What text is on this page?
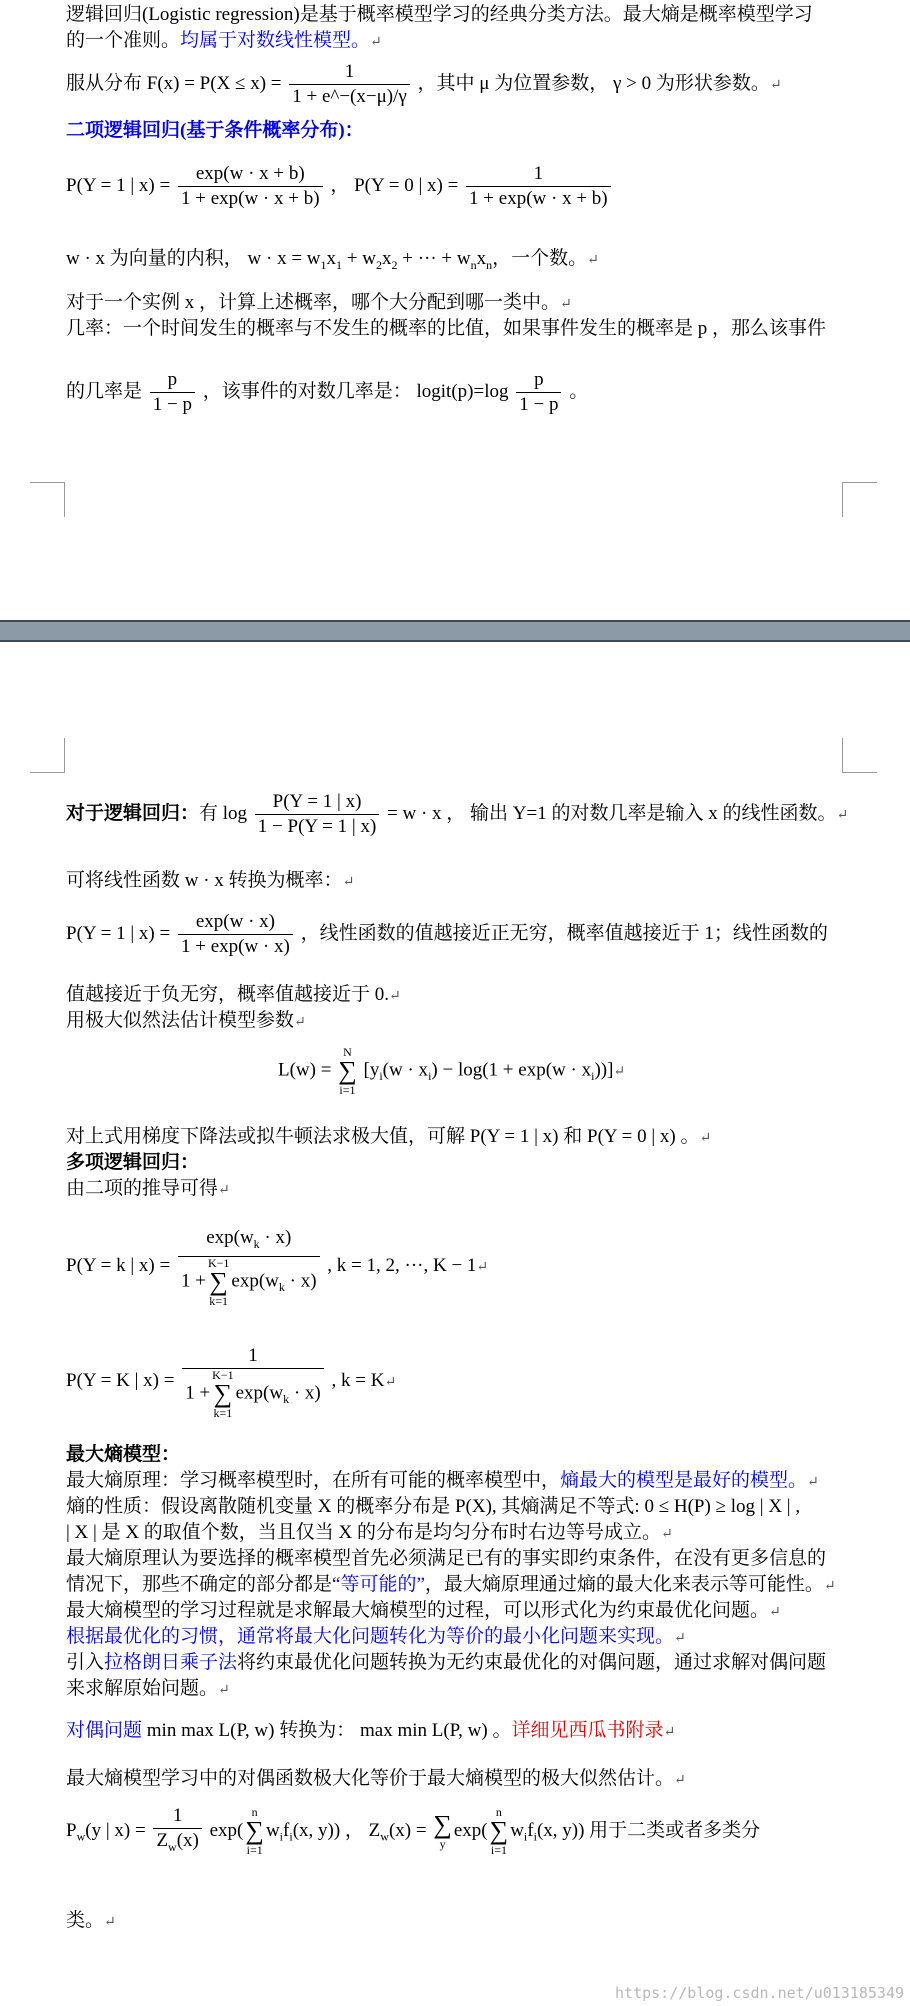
逻辑回归(Logistic regression)是基于概率模型学习的经典分类方法。最大熵是概率模型学习
的一个准则。均属于对数线性模型。↵
服从分布 $F(x) = P(X \le x) = \frac{1}{1 + e\^{}-(x-\mu)/\gamma}$ ，其中 μ 为位置参数， γ > 0 为形状参数。↵
二项逻辑回归(基于条件概率分布)：
P(Y = 1 | $x) = \frac{\exp(w \cdot x + b)}{1 + \exp(w \cdot x + b)}$ ， P(Y = 0 | $x) = \frac{1}{1 + \exp(w \cdot x + b)}$
w · x 为向量的内积， $w \cdot x = w_1x_1 + w_2x_2$ + ··· + $w_nx_n$，一个数。↵
对于一个实例 x ，计算上述概率，哪个大分配到哪一类中。↵
几率：一个时间发生的概率与不发生的概率的比值，如果事件发生的概率是 p ，那么该事件
的几率是 $\frac{p}{1 - p}$ ，该事件的对数几率是： logit(p)=log $\frac{p}{1 - p}$ 。
对于逻辑回归：有 $\log \frac{P(Y = 1 | x)}{1 - P(Y = 1 | x)} = w \cdot x$ ， 输出 Y=1 的对数几率是输入 x 的线性函数。↵
可将线性函数 w · x 转换为概率：↵
P(Y = 1 | $x) = \frac{\exp(w \cdot x)}{1 + \exp(w \cdot x)}$ ，线性函数的值越接近正无穷，概率值越接近于 1；线性函数的
值越接近于负无穷，概率值越接近于 0.↵
用极大似然法估计模型参数↵
L(w) =
N
∑
i=1
[$y_i(w \cdot x_i) - \log(1 + \exp(w$ · $x_i))]↵$
对上式用梯度下降法或拟牛顿法求极大值，可解 P(Y = 1 | x) 和 P(Y = 0 | x) 。↵
多项逻辑回归：
由二项的推导可得↵
P(Y = k | $x) = \exp(w_k \cdot x)$
1 +
K−1
∑
k=1
$\exp(w_k \cdot x)$ , k = 1, 2, ···, K − 1↵
P(Y = K | x) = 1
1 +
K−1
∑
k=1
$\exp(w_k \cdot x)$ , k = K↵
最大熵模型：
最大熵原理：学习概率模型时，在所有可能的概率模型中，熵最大的模型是最好的模型。↵
熵的性质：假设离散随机变量 X 的概率分布是 P(X), 其熵满足不等式: 0 ≤ H(P) ≥ log | X | ,
| X | 是 X 的取值个数，当且仅当 X 的分布是均匀分布时右边等号成立。↵
最大熵原理认为要选择的概率模型首先必须满足已有的事实即约束条件，在没有更多信息的
情况下，那些不确定的部分都是“等可能的”，最大熵原理通过熵的最大化来表示等可能性。↵
最大熵模型的学习过程就是求解最大熵模型的过程，可以形式化为约束最优化问题。↵
根据最优化的习惯，通常将最大化问题转化为等价的最小化问题来实现。↵
引入拉格朗日乘子法将约束最优化问题转换为无约束最优化的对偶问题，通过求解对偶问题
来求解原始问题。↵
对偶问题 min max L(P, w) 转换为： max min L(P, w) 。详细见西瓜书附录↵
最大熵模型学习中的对偶函数极大化等价于最大熵模型的极大似然估计。↵
$P_w(y$ | $x) = \frac{1}{Z_w(x)} \exp$(
n
∑
i=1
$w_if_i(x$, y)) ， $Z_w(x)$ = ∑
y
exp(
n
∑
i=1
$w_if_i(x$, y)) 用于二类或者多类分
类。↵
https://blog.csdn.net/u013185349
